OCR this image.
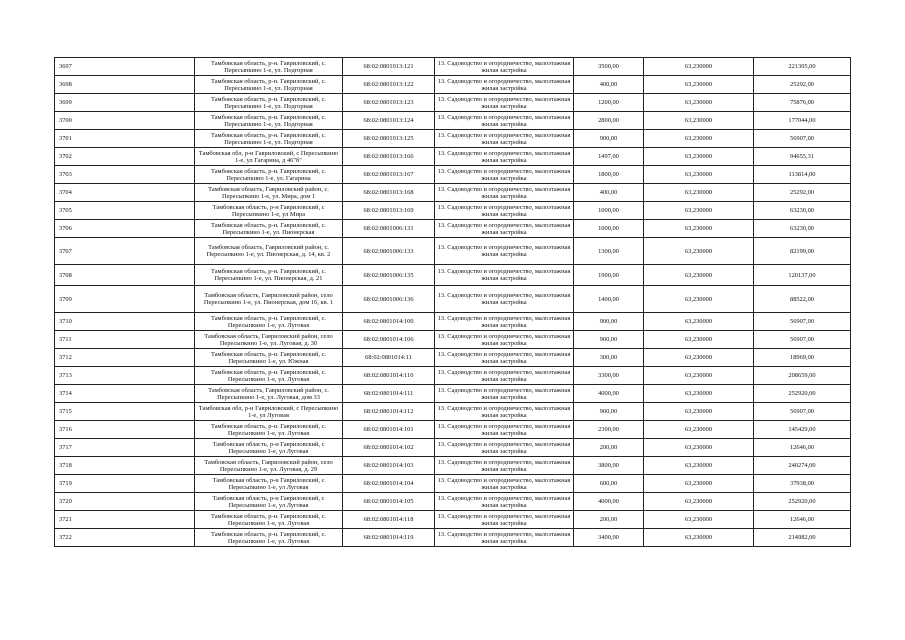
3697	Тамбовская область, р-н. Гавриловский, с. Пересыпкино 1-е, ул. Подгорная	68:02:0801013:121	13. Садоводство и огородничество, малоэтажная жилая застройка	3500,00	63,230000	221305,00
3698	Тамбовская область, р-н. Гавриловский, с. Пересыпкино 1-е, ул. Подгорная	68:02:0801013:122	13. Садоводство и огородничество, малоэтажная жилая застройка	400,00	63,230000	25292,00
3699	Тамбовская область, р-н. Гавриловский, с. Пересыпкино 1-е, ул. Подгорная	68:02:0801013:123	13. Садоводство и огородничество, малоэтажная жилая застройка	1200,00	63,230000	75876,00
3700	Тамбовская область, р-н. Гавриловский, с. Пересыпкино 1-е, ул. Подгорная	68:02:0801013:124	13. Садоводство и огородничество, малоэтажная жилая застройка	2800,00	63,230000	177044,00
3701	Тамбовская область, р-н. Гавриловский, с. Пересыпкино 1-е, ул. Подгорная	68:02:0801013:125	13. Садоводство и огородничество, малоэтажная жилая застройка	900,00	63,230000	56907,00
3702	Тамбовская обл, р-н Гавриловский, с Пересыпкино 1-е, ул Гагарина, д 46"б"	68:02:0801013:166	13. Садоводство и огородничество, малоэтажная жилая застройка	1497,00	63,230000	94655,31
3703	Тамбовская область, р-н. Гавриловский, с. Пересыпкино 1-е, ул. Гагарина	68:02:0801013:167	13. Садоводство и огородничество, малоэтажная жилая застройка	1800,00	63,230000	113814,00
3704	Тамбовская область, Гавриловский район, с. Пересыпкино 1-е, ул. Мира, дом 1	68:02:0801013:168	13. Садоводство и огородничество, малоэтажная жилая застройка	400,00	63,230000	25292,00
3705	Тамбовская область, р-н Гавриловский, с Пересыпкино 1-е, ул Мира	68:02:0801013:169	13. Садоводство и огородничество, малоэтажная жилая застройка	1000,00	63,230000	63230,00
3706	Тамбовская область, р-н. Гавриловский, с. Пересыпкино 1-е, ул. Пионерская	68:02:0801006:131	13. Садоводство и огородничество, малоэтажная жилая застройка	1000,00	63,230000	63230,00
3707	Тамбовская область, Гавриловский район, с. Пересыпкино 1-е, ул. Пионерская, д. 14, кв. 2	68:02:0801006:133	13. Садоводство и огородничество, малоэтажная жилая застройка	1300,00	63,230000	82199,00
3708	Тамбовская область, р-н. Гавриловский, с. Пересыпкино 1-е, ул. Пионерская, д. 21	68:02:0801006:135	13. Садоводство и огородничество, малоэтажная жилая застройка	1900,00	63,230000	120137,00
3709	Тамбовская область, Гавриловский район, село Пересыпкино 1-е, ул. Пионерская, дом 16, кв. 1	68:02:0801006:136	13. Садоводство и огородничество, малоэтажная жилая застройка	1400,00	63,230000	88522,00
3710	Тамбовская область, р-н. Гавриловский, с. Пересыпкино 1-е, ул. Луговая	68:02:0801014:100	13. Садоводство и огородничество, малоэтажная жилая застройка	900,00	63,230000	56907,00
3711	Тамбовская область, Гавриловский район, село Пересыпкино 1-е, ул. Луговая, д. 30	68:02:0801014:106	13. Садоводство и огородничество, малоэтажная жилая застройка	900,00	63,230000	56907,00
3712	Тамбовская область, р-н. Гавриловский, с. Пересыпкино 1-е, ул. Южная	68:02:0801014:11	13. Садоводство и огородничество, малоэтажная жилая застройка	300,00	63,230000	18969,00
3713	Тамбовская область, р-н. Гавриловский, с. Пересыпкино 1-е, ул. Луговая	68:02:0801014:110	13. Садоводство и огородничество, малоэтажная жилая застройка	3300,00	63,230000	208659,00
3714	Тамбовская область, Гавриловский район, с. Пересыпкино 1-е, ул. Луговая, дом 33	68:02:0801014:111	13. Садоводство и огородничество, малоэтажная жилая застройка	4000,00	63,230000	252920,00
3715	Тамбовская обл, р-н Гавриловский, с Пересыпкино 1-е, ул Луговая	68:02:0801014:112	13. Садоводство и огородничество, малоэтажная жилая застройка	900,00	63,230000	56907,00
3716	Тамбовская область, р-н. Гавриловский, с. Пересыпкино 1-е, ул. Луговая	68:02:0801014:101	13. Садоводство и огородничество, малоэтажная жилая застройка	2300,00	63,230000	145429,00
3717	Тамбовская область, р-н Гавриловский, с Пересыпкино 1-е, ул Луговая	68:02:0801014:102	13. Садоводство и огородничество, малоэтажная жилая застройка	200,00	63,230000	12646,00
3718	Тамбовская область, Гавриловский район, село Пересыпкино 1-е, ул. Луговая, д. 29	68:02:0801014:103	13. Садоводство и огородничество, малоэтажная жилая застройка	3800,00	63,230000	240274,00
3719	Тамбовская область, р-н Гавриловский, с Пересыпкино 1-е, ул Луговая	68:02:0801014:104	13. Садоводство и огородничество, малоэтажная жилая застройка	600,00	63,230000	37938,00
3720	Тамбовская область, р-н Гавриловский, с Пересыпкино 1-е, ул Луговая	68:02:0801014:105	13. Садоводство и огородничество, малоэтажная жилая застройка	4000,00	63,230000	252920,00
3721	Тамбовская область, р-н. Гавриловский, с. Пересыпкино 1-е, ул. Луговая	68:02:0801014:118	13. Садоводство и огородничество, малоэтажная жилая застройка	200,00	63,230000	12646,00
3722	Тамбовская область, р-н. Гавриловский, с. Пересыпкино 1-е, ул. Луговая	68:02:0801014:119	13. Садоводство и огородничество, малоэтажная жилая застройка	3400,00	63,230000	214982,00
